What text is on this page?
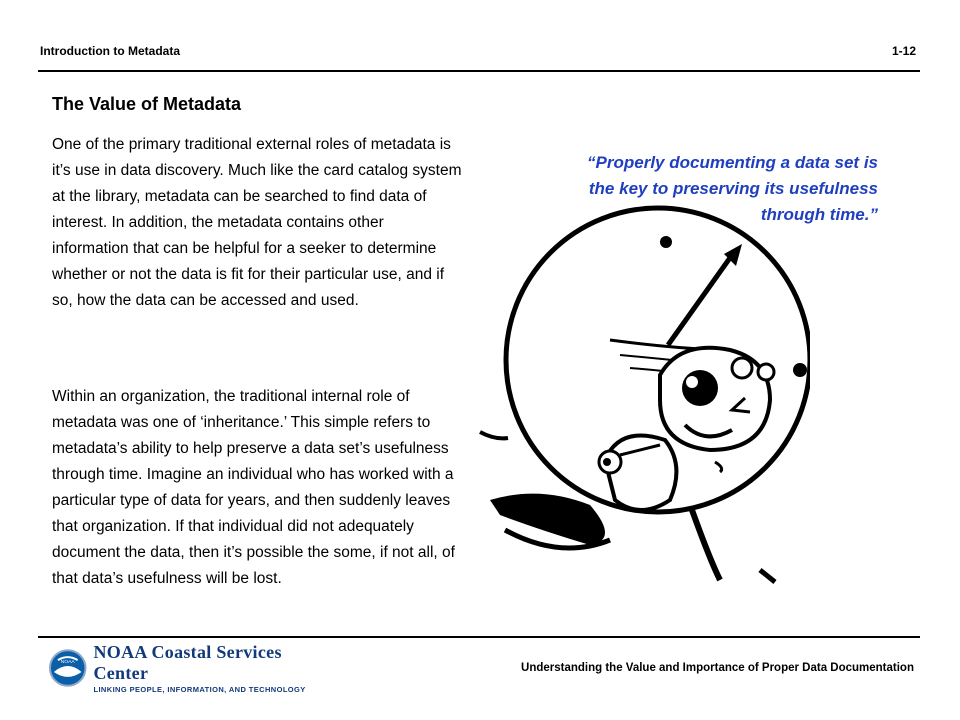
Introduction to Metadata	1-12
The Value of Metadata

One of the primary traditional external roles of metadata is it’s use in data discovery. Much like the card catalog system at the library, metadata can be searched to find data of interest. In addition, the metadata contains other information that can be helpful for a seeker to determine whether or not the data is fit for their particular use, and if so, how the data can be accessed and used.

Within an organization, the traditional internal role of metadata was one of ‘inheritance.’ This simple refers to metadata’s ability to help preserve a data set’s usefulness through time. Imagine an individual who has worked with a particular type of data for years, and then suddenly leaves that organization. If that individual did not adequately document the data, then it’s possible the some, if not all, of that data’s usefulness will be lost.

“Properly documenting a data set is the key to preserving its usefulness through time.”
NOAA
NOAA Coastal Services Center
LINKING PEOPLE, INFORMATION, AND TECHNOLOGY
Understanding the Value and Importance of Proper Data Documentation
